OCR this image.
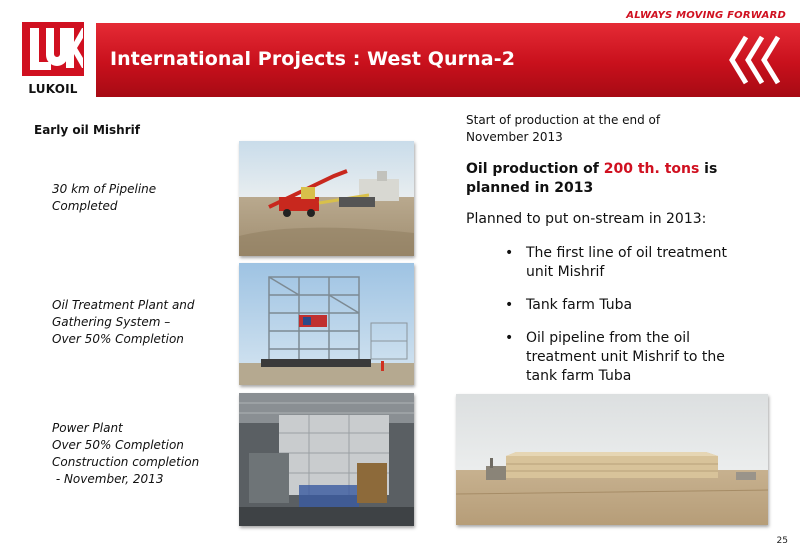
ALWAYS MOVING FORWARD
LUKOIL
International Projects : West Qurna-2
Early oil Mishrif
30 km of Pipeline
Completed
Oil Treatment Plant and
Gathering System –
Over 50% Completion
Power Plant
Over 50% Completion
Construction completion
- November, 2013
Start of production at the end of
November 2013
Oil production of 200 th. tons is
planned in 2013
Planned to put on-stream in 2013:
• The first line of oil treatment
unit Mishrif
• Tank farm Tuba
• Oil pipeline from the oil
treatment unit Mishrif to the
tank farm Tuba
25
